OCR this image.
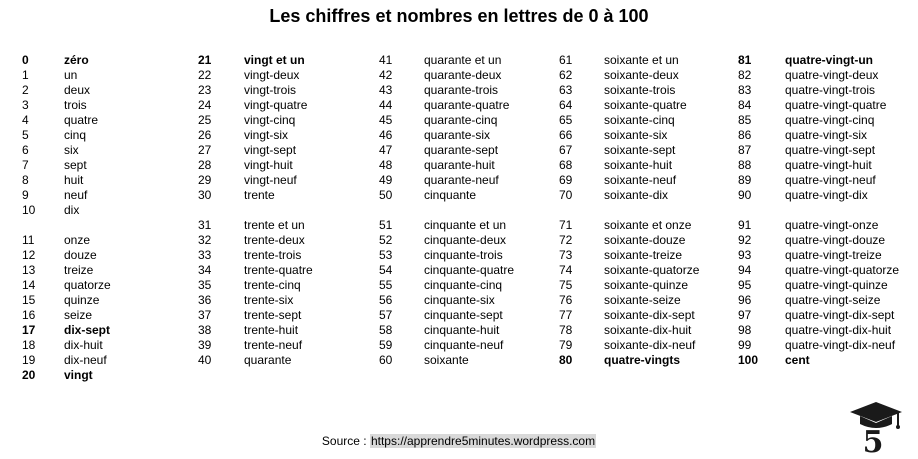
Les chiffres et nombres en lettres de 0 à 100
0	zéro
1	un
2	deux
3	trois
4	quatre
5	cinq
6	six
7	sept
8	huit
9	neuf
10 dix
11 onze
12 douze
13 treize
14 quatorze
15 quinze
16 seize
17 dix-sept
18 dix-huit
19 dix-neuf
20 vingt
21	vingt et un
22	vingt-deux
23	vingt-trois
24	vingt-quatre
25	vingt-cinq
26	vingt-six
27	vingt-sept
28	vingt-huit
29	vingt-neuf
30	trente
31	trente et un
32	trente-deux
33	trente-trois
34	trente-quatre
35	trente-cinq
36	trente-six
37	trente-sept
38	trente-huit
39	trente-neuf
40	quarante
41	quarante et un
42	quarante-deux
43	quarante-trois
44	quarante-quatre
45	quarante-cinq
46	quarante-six
47	quarante-sept
48	quarante-huit
49	quarante-neuf
50	cinquante
51	cinquante et un
52	cinquante-deux
53	cinquante-trois
54	cinquante-quatre
55	cinquante-cinq
56	cinquante-six
57	cinquante-sept
58	cinquante-huit
59	cinquante-neuf
60	soixante
61	soixante et un
62	soixante-deux
63	soixante-trois
64	soixante-quatre
65	soixante-cinq
66	soixante-six
67	soixante-sept
68	soixante-huit
69	soixante-neuf
70	soixante-dix
71	soixante et onze
72	soixante-douze
73	soixante-treize
74	soixante-quatorze
75	soixante-quinze
76	soixante-seize
77	soixante-dix-sept
78	soixante-dix-huit
79	soixante-dix-neuf
80	quatre-vingts
81	quatre-vingt-un
82	quatre-vingt-deux
83	quatre-vingt-trois
84	quatre-vingt-quatre
85	quatre-vingt-cinq
86	quatre-vingt-six
87	quatre-vingt-sept
88	quatre-vingt-huit
89	quatre-vingt-neuf
90	quatre-vingt-dix
91	quatre-vingt-onze
92	quatre-vingt-douze
93	quatre-vingt-treize
94	quatre-vingt-quatorze
95	quatre-vingt-quinze
96	quatre-vingt-seize
97	quatre-vingt-dix-sept
98	quatre-vingt-dix-huit
99	quatre-vingt-dix-neuf
100 cent
Source : https://apprendre5minutes.wordpress.com	5
